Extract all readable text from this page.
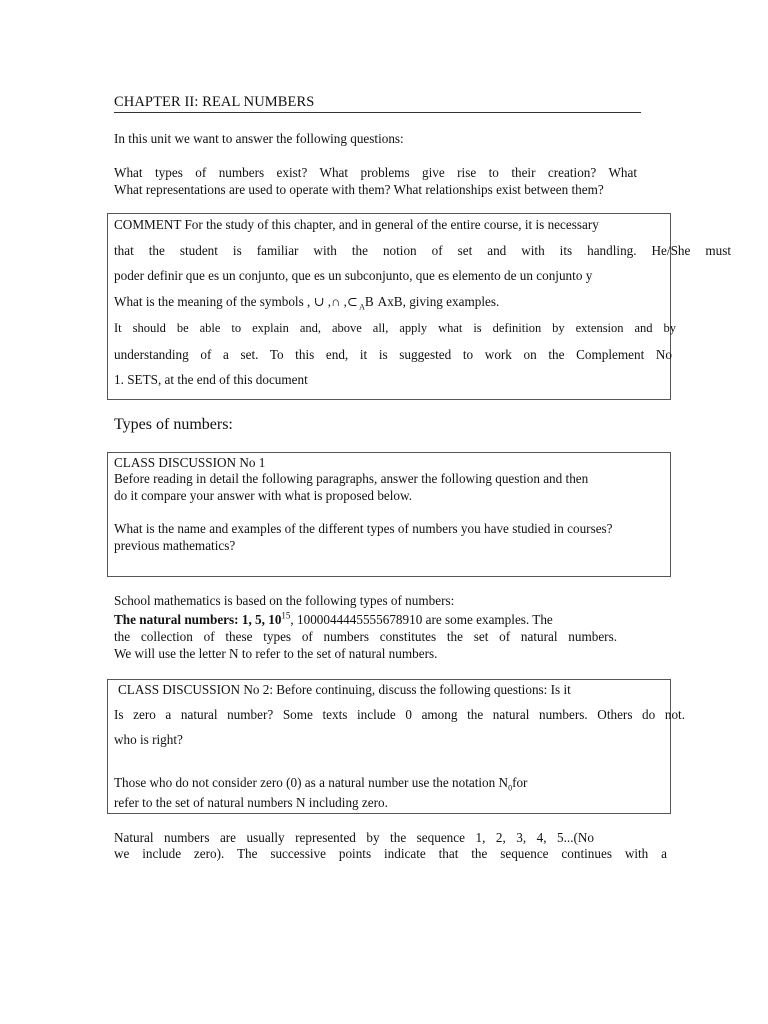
CHAPTER II: REAL NUMBERS
In this unit we want to answer the following questions:
What types of numbers exist? What problems give rise to their creation? What
What representations are used to operate with them? What relationships exist between them?
COMMENT For the study of this chapter, and in general of the entire course, it is necessary
that the student is familiar with the notion of set and with its handling. He/She must
poder definir que es un conjunto, que es un subconjunto, que es elemento de un conjunto y
What is the meaning of the symbols , ∪ ,∩ ,⊂ $_A$B AxB, giving examples.
It should be able to explain and, above all, apply what is definition by extension and by
understanding of a set. To this end, it is suggested to work on the Complement No
1. SETS, at the end of this document
Types of numbers:
CLASS DISCUSSION No 1
Before reading in detail the following paragraphs, answer the following question and then
do it compare your answer with what is proposed below.
What is the name and examples of the different types of numbers you have studied in courses?
previous mathematics?
School mathematics is based on the following types of numbers:
The natural numbers: 1, 5, $10^{15}$, 1000044445555678910 are some examples. The
the collection of these types of numbers constitutes the set of natural numbers.
We will use the letter N to refer to the set of natural numbers.
CLASS DISCUSSION No 2: Before continuing, discuss the following questions: Is it
Is zero a natural number? Some texts include 0 among the natural numbers. Others do not.
who is right?
Those who do not consider zero (0) as a natural number use the notation $N_0for$
refer to the set of natural numbers N including zero.
Natural numbers are usually represented by the sequence 1, 2, 3, 4, 5...(No
we include zero). The successive points indicate that the sequence continues with a
